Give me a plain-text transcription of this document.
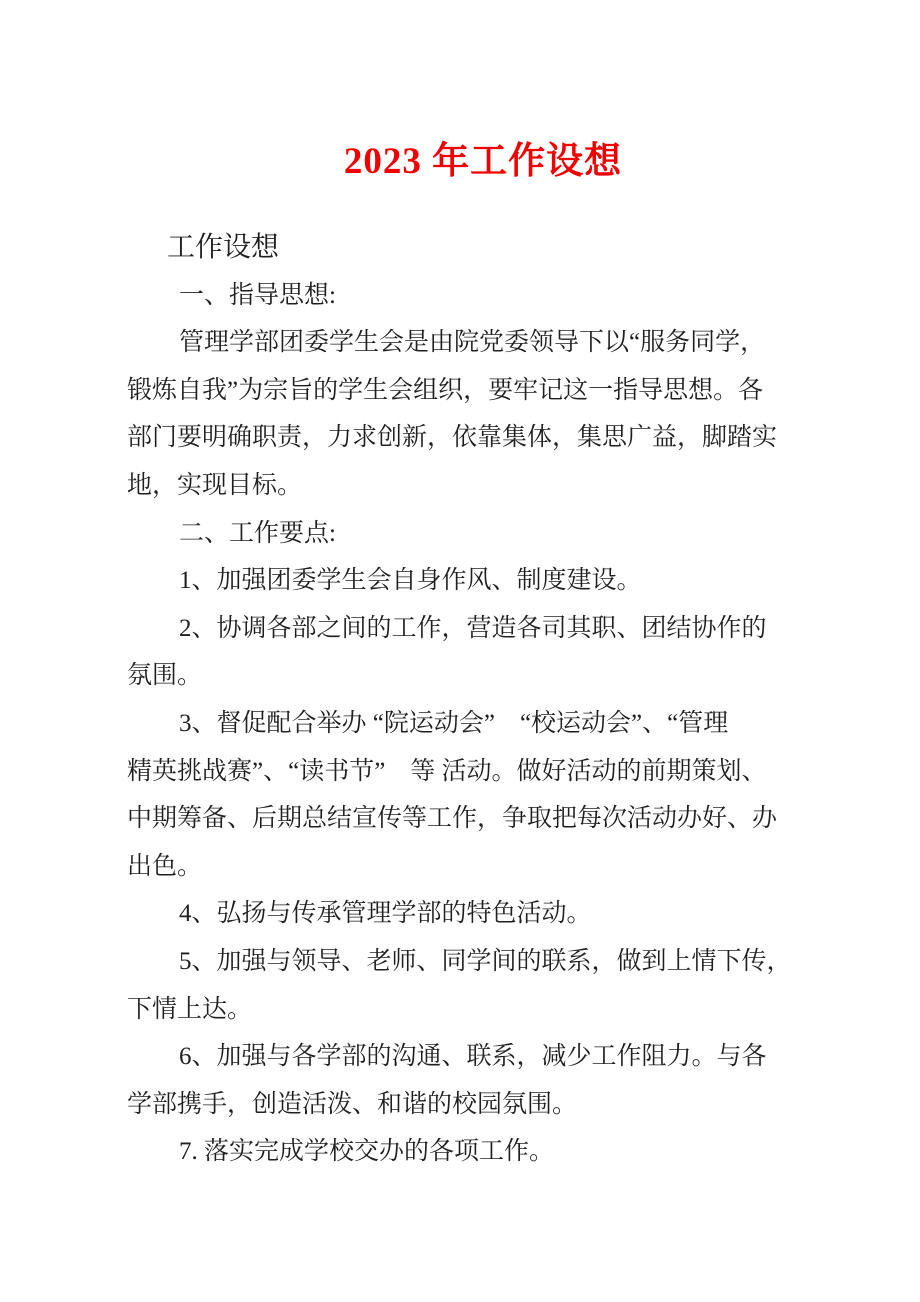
2023 年工作设想
工作设想
一、指导思想:
管理学部团委学生会是由院党委领导下以“服务同学，
锻炼自我”为宗旨的学生会组织，要牢记这一指导思想。各
部门要明确职责，力求创新，依靠集体，集思广益，脚踏实
地，实现目标。
二、工作要点:
1、加强团委学生会自身作风、制度建设。
2、协调各部之间的工作，营造各司其职、团结协作的
氛围。
3、督促配合举办 “院运动会”　“校运动会”、“管理
精英挑战赛”、“读书节”　等 活动。做好活动的前期策划、
中期筹备、后期总结宣传等工作，争取把每次活动办好、办
出色。
4、弘扬与传承管理学部的特色活动。
5、加强与领导、老师、同学间的联系，做到上情下传，
下情上达。
6、加强与各学部的沟通、联系，减少工作阻力。与各
学部携手，创造活泼、和谐的校园氛围。
7. 落实完成学校交办的各项工作。
